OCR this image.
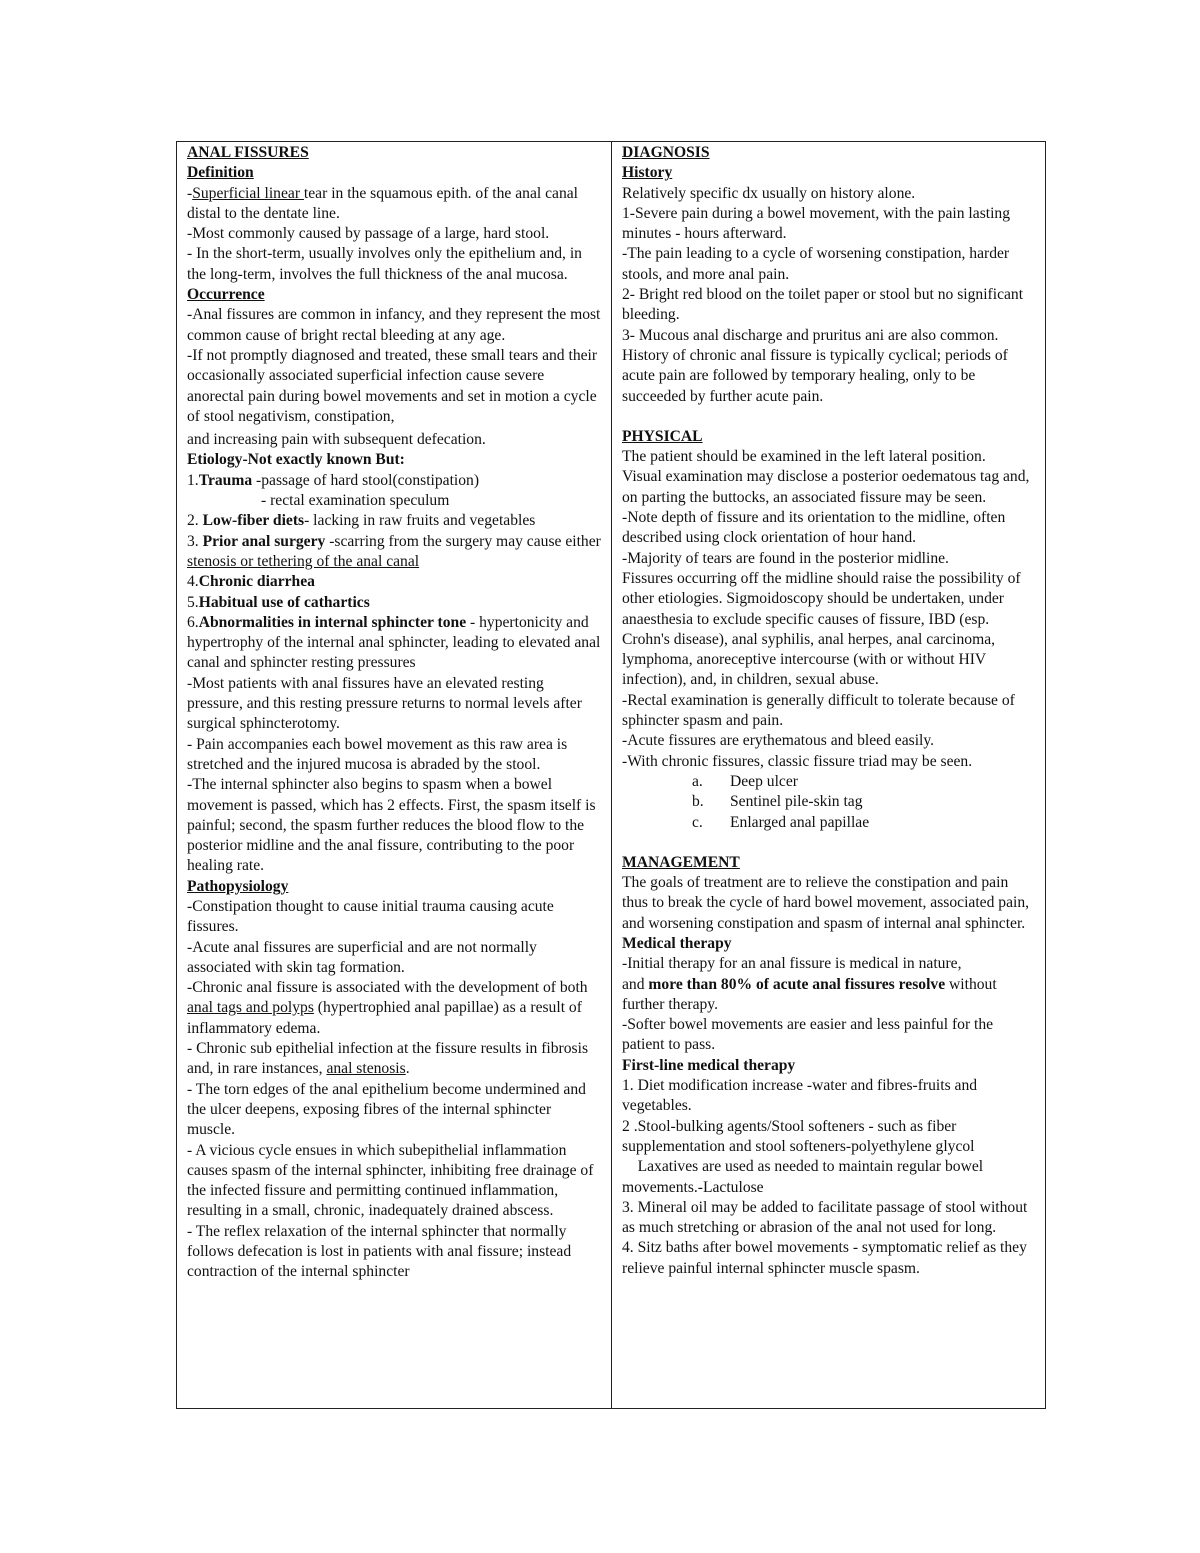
ANAL FISSURES

Definition

-Superficial linear tear in the squamous epith. of the anal canal distal to the dentate line.

-Most commonly caused by passage of a large, hard stool.

- In the short-term, usually involves only the epithelium and, in the long-term, involves the full thickness of the anal mucosa.

Occurrence

-Anal fissures are common in infancy, and they represent the most common cause of bright rectal bleeding at any age.

-If not promptly diagnosed and treated, these small tears and their occasionally associated superficial infection cause severe anorectal pain during bowel movements and set in motion a cycle of stool negativism, constipation,

and increasing pain with subsequent defecation.

Etiology-Not exactly known But:

1.Trauma -passage of hard stool(constipation)

- rectal examination speculum

2. Low-fiber diets- lacking in raw fruits and vegetables

3. Prior anal surgery -scarring from the surgery may cause either stenosis or tethering of the anal canal

4.Chronic diarrhea

5.Habitual use of cathartics

6.Abnormalities in internal sphincter tone - hypertonicity and hypertrophy of the internal anal sphincter, leading to elevated anal canal and sphincter resting pressures

-Most patients with anal fissures have an elevated resting pressure, and this resting pressure returns to normal levels after surgical sphincterotomy.

- Pain accompanies each bowel movement as this raw area is stretched and the injured mucosa is abraded by the stool.

-The internal sphincter also begins to spasm when a bowel movement is passed, which has 2 effects. First, the spasm itself is painful; second, the spasm further reduces the blood flow to the posterior midline and the anal fissure, contributing to the poor healing rate.

Pathopysiology

-Constipation thought to cause initial trauma causing acute fissures.

-Acute anal fissures are superficial and are not normally associated with skin tag formation.

-Chronic anal fissure is associated with the development of both anal tags and polyps (hypertrophied anal papillae) as a result of inflammatory edema.

- Chronic sub epithelial infection at the fissure results in fibrosis and, in rare instances, anal stenosis.

- The torn edges of the anal epithelium become undermined and the ulcer deepens, exposing fibres of the internal sphincter muscle.

- A vicious cycle ensues in which subepithelial inflammation causes spasm of the internal sphincter, inhibiting free drainage of the infected fissure and permitting continued inflammation, resulting in a small, chronic, inadequately drained abscess.

- The reflex relaxation of the internal sphincter that normally follows defecation is lost in patients with anal fissure; instead contraction of the internal sphincter

DIAGNOSIS

History

Relatively specific dx usually on history alone.

1-Severe pain during a bowel movement, with the pain lasting minutes - hours afterward.

-The pain leading to a cycle of worsening constipation, harder stools, and more anal pain.

2- Bright red blood on the toilet paper or stool but no significant bleeding.

3- Mucous anal discharge and pruritus ani are also common.

History of chronic anal fissure is typically cyclical; periods of acute pain are followed by temporary healing, only to be succeeded by further acute pain.

PHYSICAL

The patient should be examined in the left lateral position.

Visual examination may disclose a posterior oedematous tag and, on parting the buttocks, an associated fissure may be seen.

-Note depth of fissure and its orientation to the midline, often described using clock orientation of hour hand.

-Majority of tears are found in the posterior midline.

Fissures occurring off the midline should raise the possibility of other etiologies. Sigmoidoscopy should be undertaken, under anaesthesia to exclude specific causes of fissure, IBD (esp. Crohn's disease), anal syphilis, anal herpes, anal carcinoma, lymphoma, anoreceptive intercourse (with or without HIV infection), and, in children, sexual abuse.

-Rectal examination is generally difficult to tolerate because of sphincter spasm and pain.

-Acute fissures are erythematous and bleed easily.

-With chronic fissures, classic fissure triad may be seen.

a.	Deep ulcer
b.	Sentinel pile-skin tag
c.	Enlarged anal papillae

MANAGEMENT

The goals of treatment are to relieve the constipation and pain thus to break the cycle of hard bowel movement, associated pain, and worsening constipation and spasm of internal anal sphincter.

Medical therapy

-Initial therapy for an anal fissure is medical in nature,

and more than 80% of acute anal fissures resolve without further therapy.

-Softer bowel movements are easier and less painful for the patient to pass.

First-line medical therapy

1. Diet modification increase -water and fibres-fruits and vegetables.

2 .Stool-bulking agents/Stool softeners - such as fiber supplementation and stool softeners-polyethylene glycol

Laxatives are used as needed to maintain regular bowel movements.-Lactulose

3. Mineral oil may be added to facilitate passage of stool without as much stretching or abrasion of the anal not used for long.

4. Sitz baths after bowel movements - symptomatic relief as they relieve painful internal sphincter muscle spasm.
